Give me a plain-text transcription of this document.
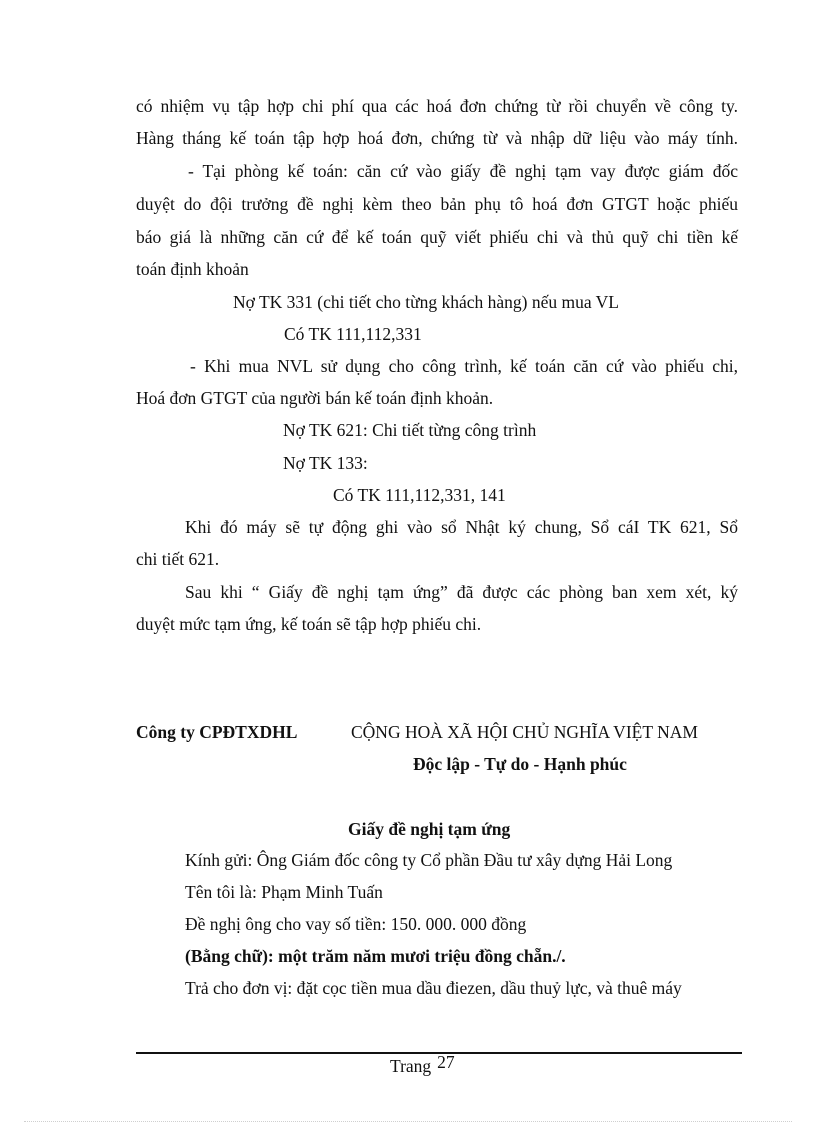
có nhiệm vụ tập hợp chi phí qua các hoá đơn chứng từ rồi chuyển về công ty.
Hàng tháng kế toán tập hợp hoá đơn, chứng từ và nhập dữ liệu vào máy tính.
- Tại phòng kế toán: căn cứ vào giấy đề nghị tạm vay được giám đốc
duyệt do đội trưởng đề nghị kèm theo bản phụ tô hoá đơn GTGT hoặc phiếu
báo giá là những căn cứ để kế toán quỹ viết phiếu chi và thủ quỹ chi tiền kế
toán định khoản
Nợ TK 331 (chi tiết cho từng khách hàng) nếu mua VL
Có TK 111,112,331
- Khi mua NVL sử dụng cho công trình, kế toán căn cứ vào phiếu chi,
Hoá đơn GTGT của người bán kế toán định khoản.
Nợ TK 621: Chi tiết từng công trình
Nợ TK 133:
Có TK 111,112,331, 141
Khi đó máy sẽ tự động ghi vào sổ Nhật ký chung, Sổ cáI TK 621, Sổ
chi tiết 621.
Sau khi “ Giấy đề nghị tạm ứng” đã được các phòng ban xem xét, ký
duyệt mức tạm ứng, kế toán sẽ tập hợp phiếu chi.
Công ty CPĐTXDHL	CỘNG HOÀ XÃ HỘI CHỦ NGHĨA VIỆT NAM
Độc lập - Tự do - Hạnh phúc
Giấy đề nghị tạm ứng
Kính gửi: Ông Giám đốc công ty Cổ phần Đầu tư xây dựng Hải Long
Tên tôi là: Phạm Minh Tuấn
Đề nghị ông cho vay số tiền: 150. 000. 000 đồng
(Bằng chữ): một trăm năm mươi triệu đồng chẵn./.
Trả cho đơn vị: đặt cọc tiền mua dầu điezen, dầu thuỷ lực, và thuê máy
Trang 27
